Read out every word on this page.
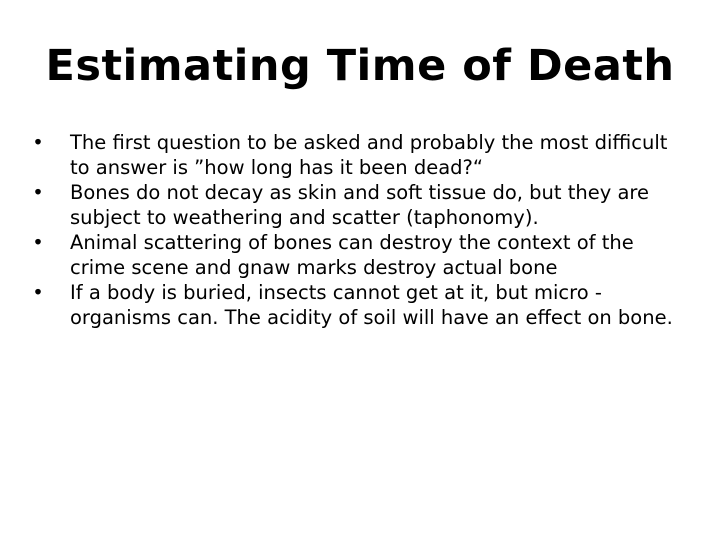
Estimating Time of Death
• The first question to be asked and probably the most difficult to answer is ”how long has it been dead?“
• Bones do not decay as skin and soft tissue do, but they are subject to weathering and scatter (taphonomy).
• Animal scattering of bones can destroy the context of the crime scene and gnaw marks destroy actual bone
• If a body is buried, insects cannot get at it, but micro -organisms can. The acidity of soil will have an effect on bone.
